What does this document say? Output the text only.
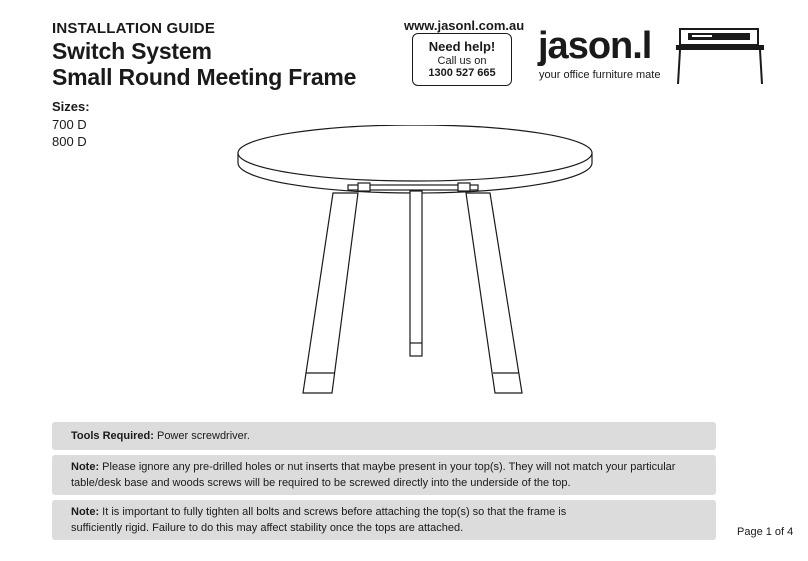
INSTALLATION GUIDE
Switch System
Small Round Meeting Frame
Sizes:
700 D
800 D
www.jasonl.com.au
Need help!
Call us on
1300 527 665
jason.l
your office furniture mate
Tools Required: Power screwdriver.
Note: Please ignore any pre-drilled holes or nut inserts that maybe present in your top(s). They will not match your particular table/desk base and woods screws will be required to be screwed directly into the underside of the top.
Note: It is important to fully tighten all bolts and screws before attaching the top(s) so that the frame is sufficiently rigid. Failure to do this may affect stability once the tops are attached.	Page 1 of 4
